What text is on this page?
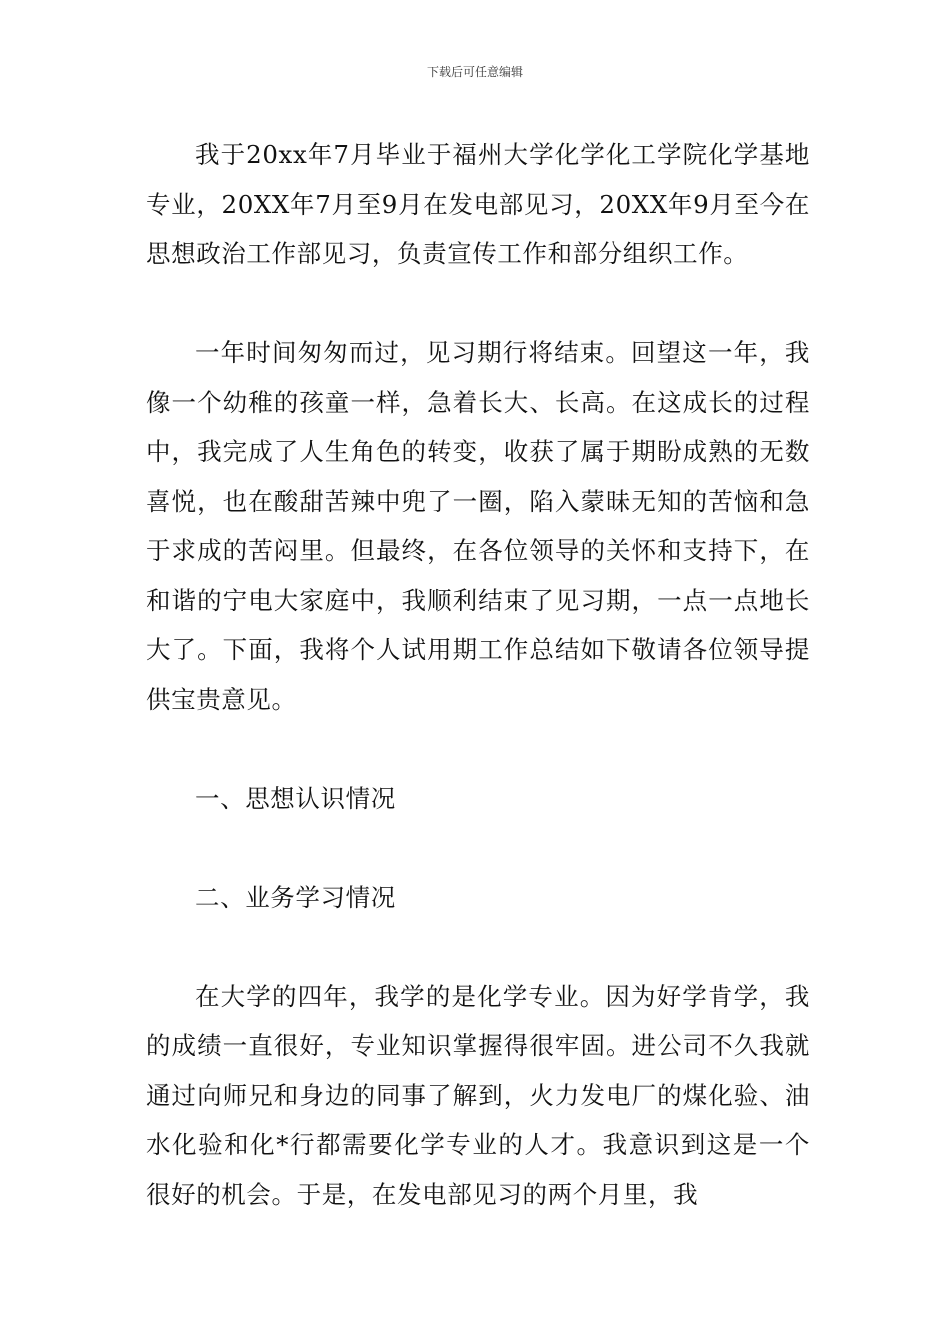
下载后可任意编辑

我于20xx年7月毕业于福州大学化学化工学院化学基地专业，20XX年7月至9月在发电部见习，20XX年9月至今在思想政治工作部见习，负责宣传工作和部分组织工作。

一年时间匆匆而过，见习期行将结束。回望这一年，我像一个幼稚的孩童一样，急着长大、长高。在这成长的过程中，我完成了人生角色的转变，收获了属于期盼成熟的无数喜悦，也在酸甜苦辣中兜了一圈，陷入蒙昧无知的苦恼和急于求成的苦闷里。但最终，在各位领导的关怀和支持下，在和谐的宁电大家庭中，我顺利结束了见习期，一点一点地长大了。下面，我将个人试用期工作总结如下敬请各位领导提供宝贵意见。

一、思想认识情况

二、业务学习情况

在大学的四年，我学的是化学专业。因为好学肯学，我的成绩一直很好，专业知识掌握得很牢固。进公司不久我就通过向师兄和身边的同事了解到，火力发电厂的煤化验、油水化验和化*行都需要化学专业的人才。我意识到这是一个很好的机会。于是，在发电部见习的两个月里，我
